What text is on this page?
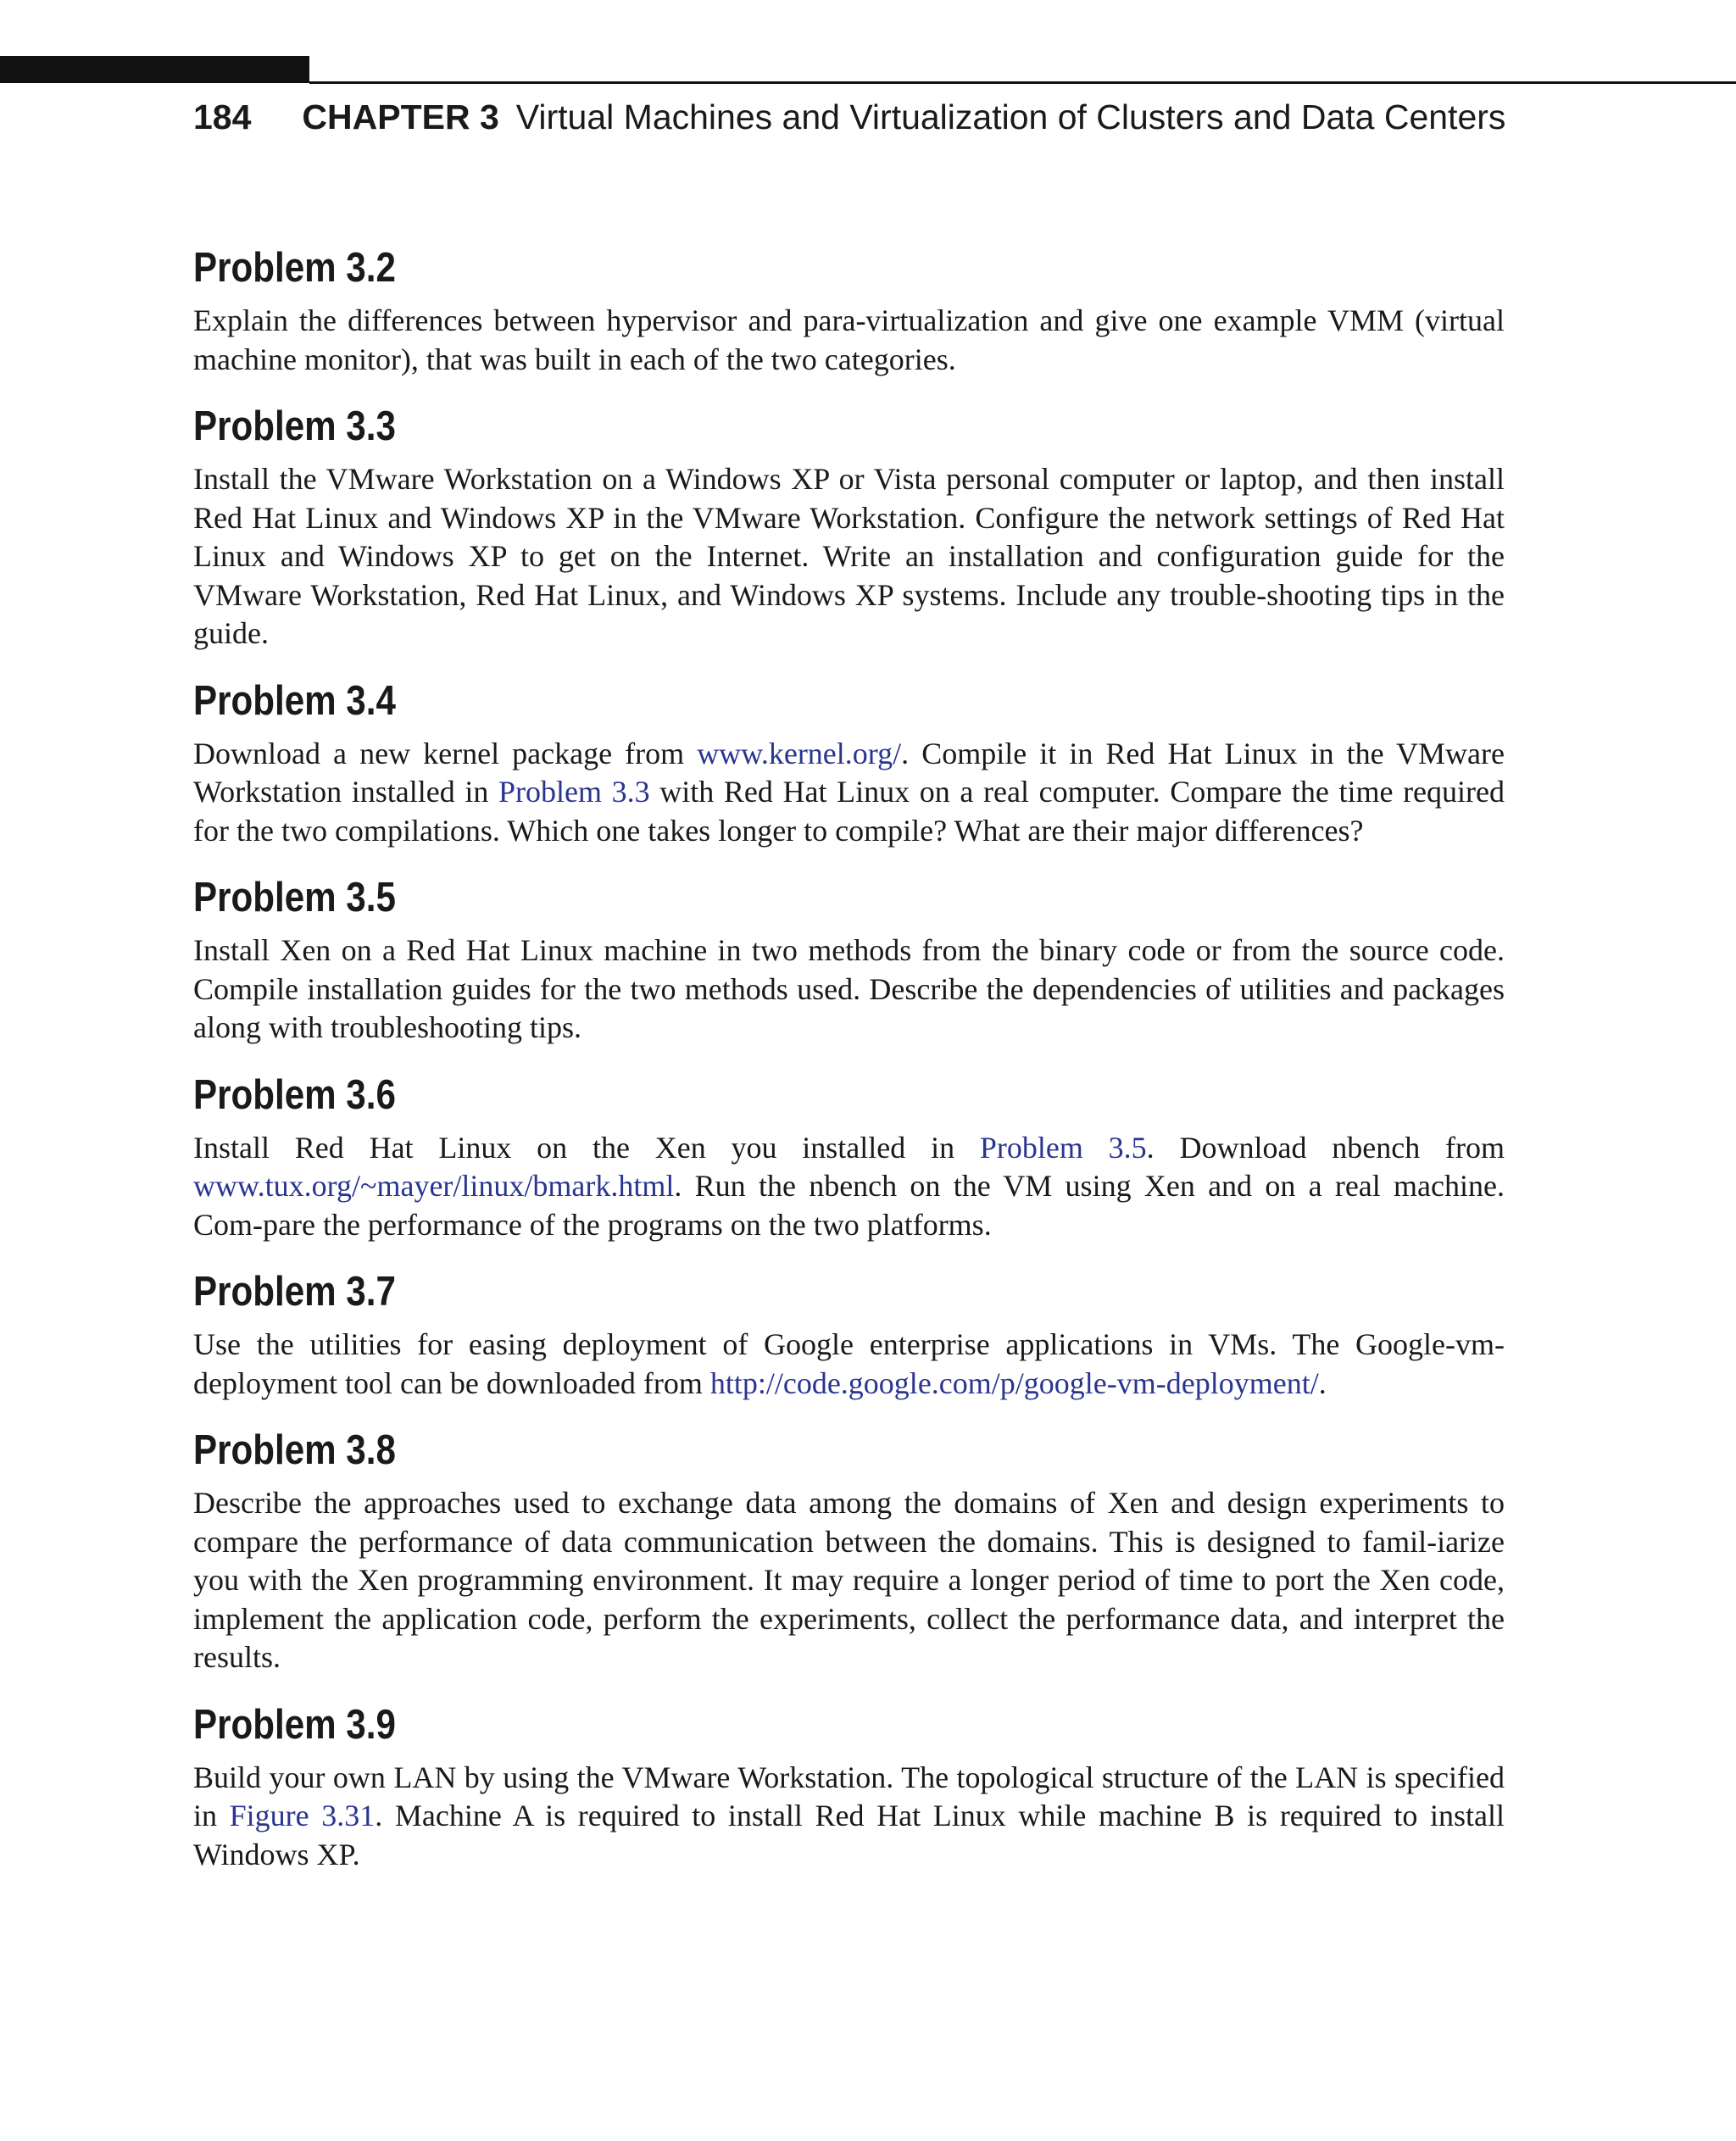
184 CHAPTER 3 Virtual Machines and Virtualization of Clusters and Data Centers
Problem 3.2

Explain the differences between hypervisor and para-virtualization and give one example VMM (virtual machine monitor), that was built in each of the two categories.

Problem 3.3

Install the VMware Workstation on a Windows XP or Vista personal computer or laptop, and then install Red Hat Linux and Windows XP in the VMware Workstation. Configure the network settings of Red Hat Linux and Windows XP to get on the Internet. Write an installation and configuration guide for the VMware Workstation, Red Hat Linux, and Windows XP systems. Include any trouble-shooting tips in the guide.

Problem 3.4

Download a new kernel package from www.kernel.org/. Compile it in Red Hat Linux in the VMware Workstation installed in Problem 3.3 with Red Hat Linux on a real computer. Compare the time required for the two compilations. Which one takes longer to compile? What are their major differences?

Problem 3.5

Install Xen on a Red Hat Linux machine in two methods from the binary code or from the source code. Compile installation guides for the two methods used. Describe the dependencies of utilities and packages along with troubleshooting tips.

Problem 3.6

Install Red Hat Linux on the Xen you installed in Problem 3.5. Download nbench from www.tux.org/~mayer/linux/bmark.html. Run the nbench on the VM using Xen and on a real machine. Com-pare the performance of the programs on the two platforms.

Problem 3.7

Use the utilities for easing deployment of Google enterprise applications in VMs. The Google-vm-deployment tool can be downloaded from http://code.google.com/p/google-vm-deployment/.

Problem 3.8

Describe the approaches used to exchange data among the domains of Xen and design experiments to compare the performance of data communication between the domains. This is designed to famil-iarize you with the Xen programming environment. It may require a longer period of time to port the Xen code, implement the application code, perform the experiments, collect the performance data, and interpret the results.

Problem 3.9

Build your own LAN by using the VMware Workstation. The topological structure of the LAN is specified in Figure 3.31. Machine A is required to install Red Hat Linux while machine B is required to install Windows XP.
